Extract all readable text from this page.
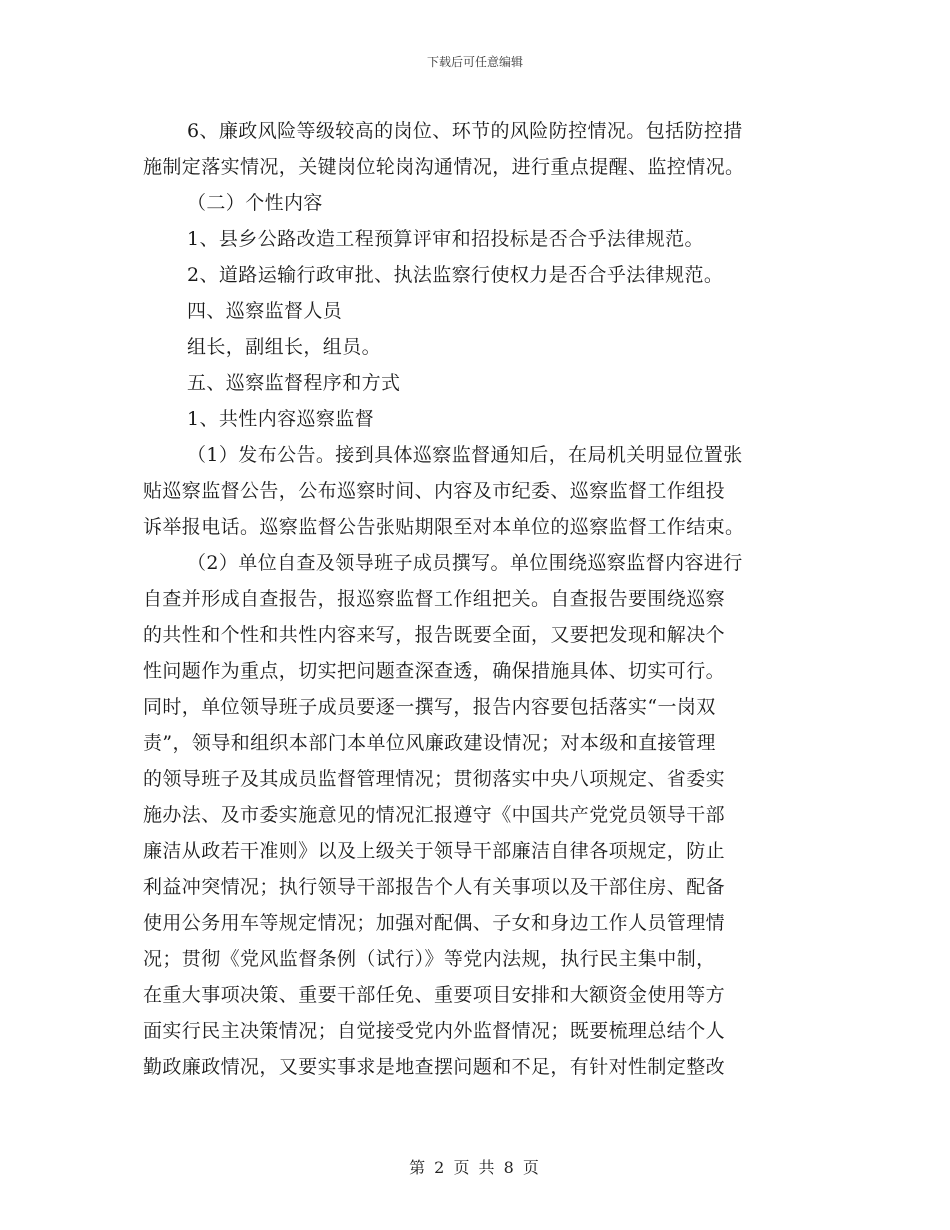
下载后可任意编辑
6、廉政风险等级较高的岗位、环节的风险防控情况。包括防控措
施制定落实情况，关键岗位轮岗沟通情况，进行重点提醒、监控情况。
（二）个性内容
1、县乡公路改造工程预算评审和招投标是否合乎法律规范。
2、道路运输行政审批、执法监察行使权力是否合乎法律规范。
四、巡察监督人员
组长，副组长，组员。
五、巡察监督程序和方式
1、共性内容巡察监督
（1）发布公告。接到具体巡察监督通知后，在局机关明显位置张
贴巡察监督公告，公布巡察时间、内容及市纪委、巡察监督工作组投
诉举报电话。巡察监督公告张贴期限至对本单位的巡察监督工作结束。
（2）单位自查及领导班子成员撰写。单位围绕巡察监督内容进行
自查并形成自查报告，报巡察监督工作组把关。自查报告要围绕巡察
的共性和个性和共性内容来写，报告既要全面，又要把发现和解决个
性问题作为重点，切实把问题查深查透，确保措施具体、切实可行。
同时，单位领导班子成员要逐一撰写，报告内容要包括落实“一岗双
责”，领导和组织本部门本单位风廉政建设情况；对本级和直接管理
的领导班子及其成员监督管理情况；贯彻落实中央八项规定、省委实
施办法、及市委实施意见的情况汇报遵守《中国共产党党员领导干部
廉洁从政若干准则》以及上级关于领导干部廉洁自律各项规定，防止
利益冲突情况；执行领导干部报告个人有关事项以及干部住房、配备
使用公务用车等规定情况；加强对配偶、子女和身边工作人员管理情
况；贯彻《党风监督条例（试行）》等党内法规，执行民主集中制，
在重大事项决策、重要干部任免、重要项目安排和大额资金使用等方
面实行民主决策情况；自觉接受党内外监督情况；既要梳理总结个人
勤政廉政情况，又要实事求是地查摆问题和不足，有针对性制定整改
第 2 页 共 8 页
